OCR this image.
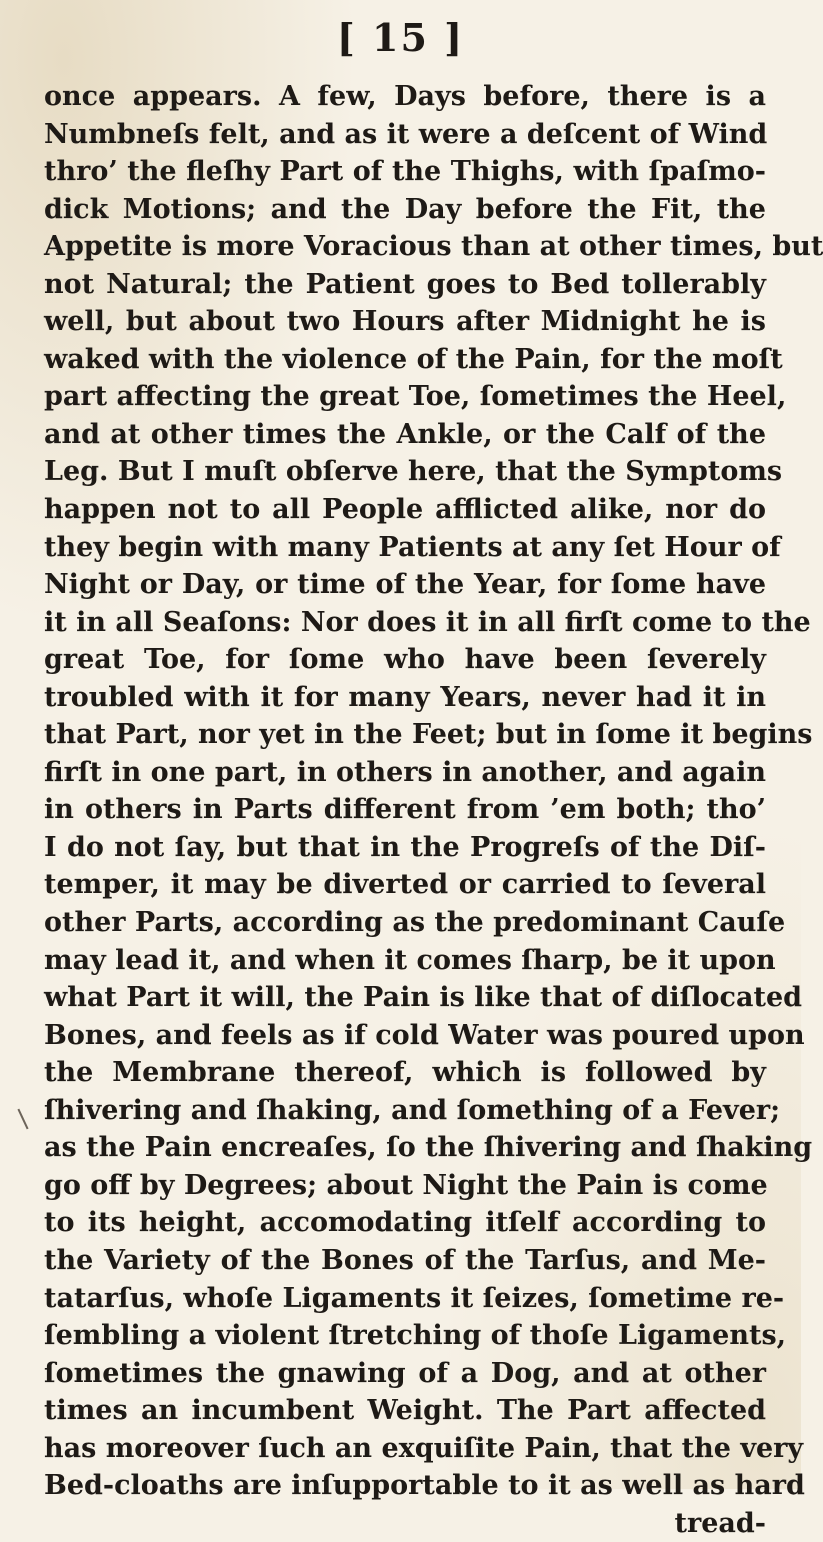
[ 15 ]
once appears. A few, Days before, there is a
Numbneſs felt, and as it were a deſcent of Wind
thro’ the fleſhy Part of the Thighs, with ſpaſmo-
dick Motions; and the Day before the Fit, the
Appetite is more Voracious than at other times, but
not Natural; the Patient goes to Bed tollerably
well, but about two Hours after Midnight he is
waked with the violence of the Pain, for the moſt
part affecting the great Toe, ſometimes the Heel,
and at other times the Ankle, or the Calf of the
Leg. But I muſt obſerve here, that the Symptoms
happen not to all People afflicted alike, nor do
they begin with many Patients at any ſet Hour of
Night or Day, or time of the Year, for ſome have
it in all Seaſons: Nor does it in all firſt come to the
great Toe, for ſome who have been ſeverely
troubled with it for many Years, never had it in
that Part, nor yet in the Feet; but in ſome it begins
firſt in one part, in others in another, and again
in others in Parts different from ’em both; tho’
I do not ſay, but that in the Progreſs of the Diſ-
temper, it may be diverted or carried to ſeveral
other Parts, according as the predominant Cauſe
may lead it, and when it comes ſharp, be it upon
what Part it will, the Pain is like that of diſlocated
Bones, and feels as if cold Water was poured upon
the Membrane thereof, which is followed by
ſhivering and ſhaking, and ſomething of a Fever;
as the Pain encreaſes, ſo the ſhivering and ſhaking
go off by Degrees; about Night the Pain is come
to its height, accomodating itſelf according to
the Variety of the Bones of the Tarſus, and Me-
tatarſus, whoſe Ligaments it ſeizes, ſometime re-
ſembling a violent ſtretching of thoſe Ligaments,
ſometimes the gnawing of a Dog, and at other
times an incumbent Weight. The Part affected
has moreover ſuch an exquiſite Pain, that the very
Bed-cloaths are inſupportable to it as well as hard
tread-
